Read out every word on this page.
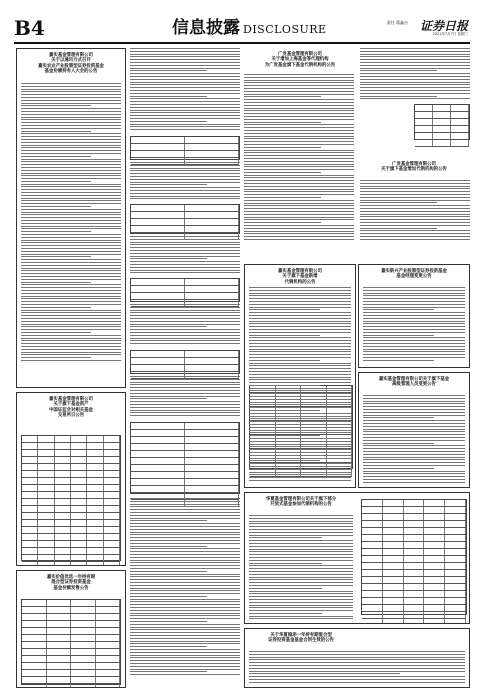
B4	信息披露 DISCLOSURE
责任 董鑫台 证券日报
2021年7月7日 星期三
嘉实基金管理有限公司
关于以通讯方式召开
嘉实农业产业股票型证券投资基金
基金份额持有人大会的公告
嘉实基金管理有限公司
关于旗下基金资产
中国证监会对相关基金
交易所日公告
嘉实价值优选一年持有期
混合型证券投资基金
基金份额发售公告
广发基金管理有限公司
关于增加上海基金等代理机构
为广发基金旗下基金代销机构的公告
广发基金管理有限公司
关于旗下基金增加代销机构的公告
嘉实基金管理有限公司
关于旗下基金新增
代销机构的公告
嘉实新兴产业股票型证券投资基金
基金经理变更公告
嘉实基金管理有限公司关于旗下基金
高级管理人员变更公告
华夏基金管理有限公司关于旗下部分
开放式基金参加代销机构的公告
关于华夏稳添一年持有期混合型
证券投资基金基金合同生效的公告
